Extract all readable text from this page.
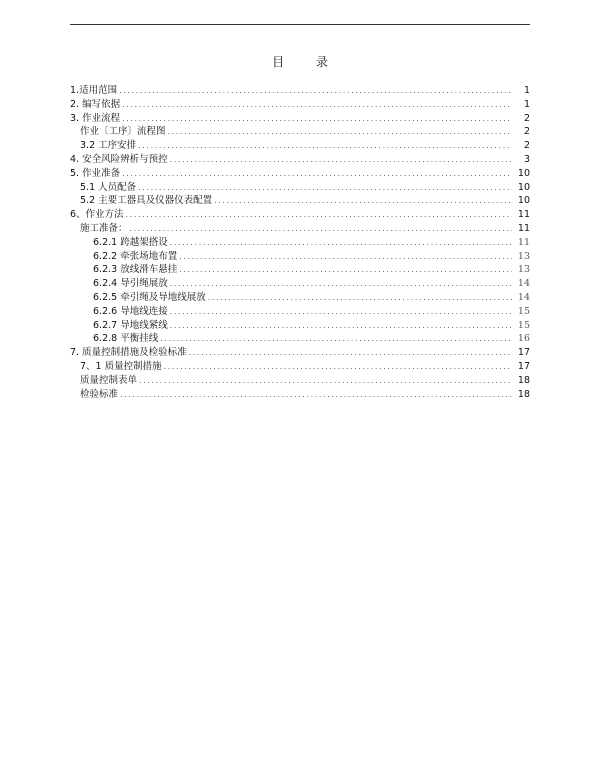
目 录
1.适用范围 .....	1
2. 编写依据 .....	1
3. 作业流程 .....	2
作业〔工序〕流程图 .....	2
3.2 工序安排 .....	2
4. 安全风险辨析与预控 .....	3
5. 作业准备 .....	10
5.1 人员配备 .....	10
5.2 主要工器具及仪器仪表配置 .....	10
6、作业方法 .....	11
施工准备： .....	11
6.2.1 跨越架搭设 .....	11
6.2.2 牵张场地布置 .....	13
6.2.3 放线滑车悬挂 .....	13
6.2.4 导引绳展放 .....	14
6.2.5 牵引绳及导地线展放 .....	14
6.2.6 导地线连接 .....	15
6.2.7 导地线紧线 .....	15
6.2.8 平衡挂线 .....	16
7. 质量控制措施及检验标准 .....	17
7、1 质量控制措施 .....	17
质量控制表单 .....	18
检验标准 .....	18
